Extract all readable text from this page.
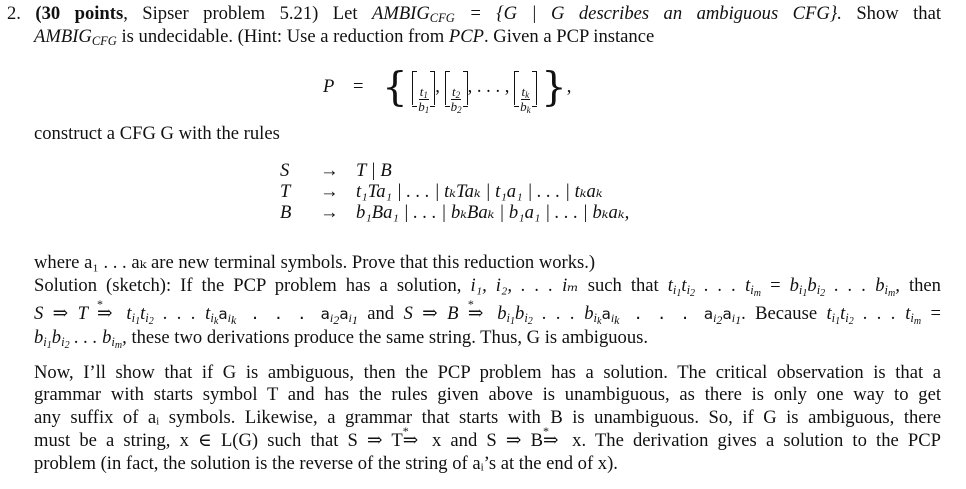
2. (30 points, Sipser problem 5.21) Let $AMBIG_{CFG} = \{G$ | G describes an ambiguous CFG}. Show that
$AMBIG_{CFG}$ is undecidable. (Hint: Use a reduction from PCP. Given a PCP instance
P = { $\frac{t_1}{b_1}$ , $\frac{t_2}{b_2}$ , . . . , $\frac{t_k}{b_k}$ },
construct a CFG G with the rules
S	→	T | B
T	→	t₁Ta₁ | . . . | tₖTaₖ | t₁a₁ | . . . | tₖaₖ
B	→	b₁Ba₁ | . . . | bₖBaₖ | b₁a₁ | . . . | bₖaₖ,
where a₁ . . . aₖ are new terminal symbols. Prove that this reduction works.)
Solution (sketch): If the PCP problem has a solution, i₁, i₂, . . . iₘ such that $t_{i_1}t_{i_2}$ . . . $t_{i_m} = b_{i_1}b_{i_2}$ . . . $b_{i_m}$, then
S ⇒ T * ⇒ $t_{i_1}t_{i_2}$ . . . $t_{i_k}a_{i_k}$ . . . $a_{i_2}a_{i_1}$ and S ⇒ B * ⇒ $b_{i_1}b_{i_2}$ . . . $b_{i_k}a_{i_k}$ . . . $a_{i_2}a_{i_1}$. Because $t_{i_1}t_{i_2}$ . . . $t_{i_m}$ =
$b_{i_1}b_{i_2}$ . . . $b_{i_m}$, these two derivations produce the same string. Thus, G is ambiguous.
Now, I’ll show that if G is ambiguous, then the PCP problem has a solution. The critical observation is that a
grammar with starts symbol T and has the rules given above is unambiguous, as there is only one way to get
any suffix of aᵢ symbols. Likewise, a grammar that starts with B is unambiguous. So, if G is ambiguous, there
must be a string, x ∈ L(G) such that S ⇒ T* ⇒ x and S ⇒ B* ⇒ x. The derivation gives a solution to the PCP
problem (in fact, the solution is the reverse of the string of aᵢ’s at the end of x).
